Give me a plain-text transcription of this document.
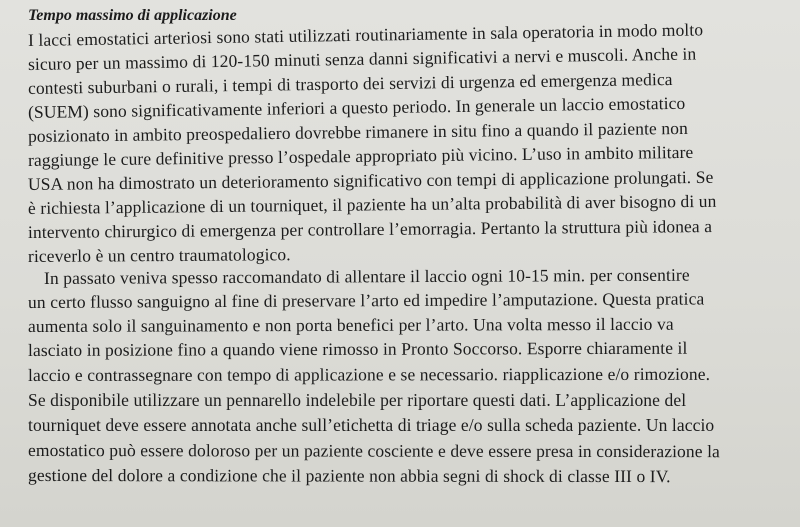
Tempo massimo di applicazione
I lacci emostatici arteriosi sono stati utilizzati routinariamente in sala operatoria in modo molto
sicuro per un massimo di 120-150 minuti senza danni significativi a nervi e muscoli. Anche in
contesti suburbani o rurali, i tempi di trasporto dei servizi di urgenza ed emergenza medica
(SUEM) sono significativamente inferiori a questo periodo. In generale un laccio emostatico
posizionato in ambito preospedaliero dovrebbe rimanere in situ fino a quando il paziente non
raggiunge le cure definitive presso l’ospedale appropriato più vicino. L’uso in ambito militare
USA non ha dimostrato un deterioramento significativo con tempi di applicazione prolungati. Se
è richiesta l’applicazione di un tourniquet, il paziente ha un’alta probabilità di aver bisogno di un
intervento chirurgico di emergenza per controllare l’emorragia. Pertanto la struttura più idonea a
riceverlo è un centro traumatologico.
In passato veniva spesso raccomandato di allentare il laccio ogni 10-15 min. per consentire
un certo flusso sanguigno al fine di preservare l’arto ed impedire l’amputazione. Questa pratica
aumenta solo il sanguinamento e non porta benefici per l’arto. Una volta messo il laccio va
lasciato in posizione fino a quando viene rimosso in Pronto Soccorso. Esporre chiaramente il
laccio e contrassegnare con tempo di applicazione e se necessario. riapplicazione e/o rimozione.
Se disponibile utilizzare un pennarello indelebile per riportare questi dati. L’applicazione del
tourniquet deve essere annotata anche sull’etichetta di triage e/o sulla scheda paziente. Un laccio
emostatico può essere doloroso per un paziente cosciente e deve essere presa in considerazione la
gestione del dolore a condizione che il paziente non abbia segni di shock di classe III o IV.
